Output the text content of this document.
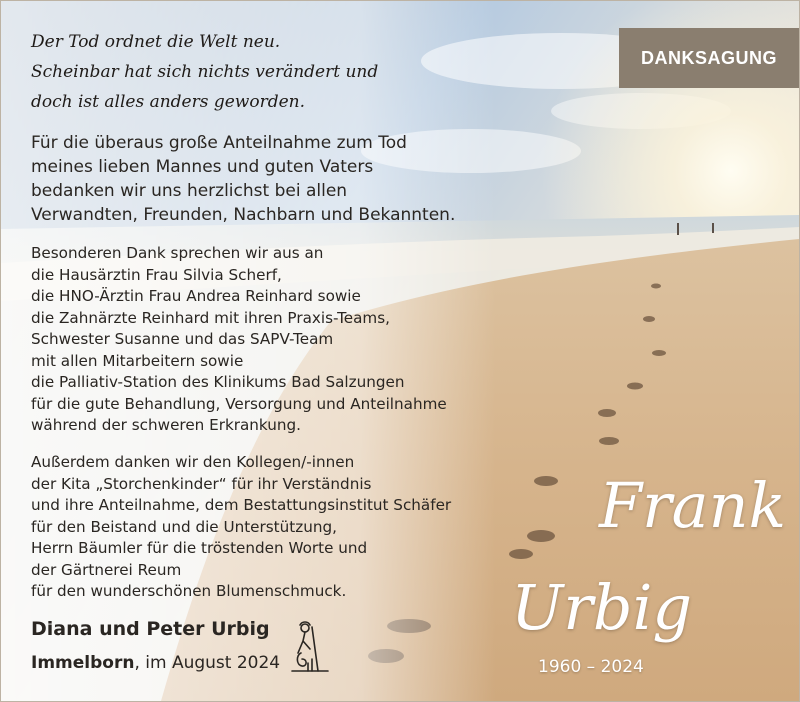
Der Tod ordnet die Welt neu.
Scheinbar hat sich nichts verändert und
doch ist alles anders geworden.
DANKSAGUNG
Für die überaus große Anteilnahme zum Tod
meines lieben Mannes und guten Vaters
bedanken wir uns herzlichst bei allen
Verwandten, Freunden, Nachbarn und Bekannten.
Besonderen Dank sprechen wir aus an
die Hausärztin Frau Silvia Scherf,
die HNO-Ärztin Frau Andrea Reinhard sowie
die Zahnärzte Reinhard mit ihren Praxis-Teams,
Schwester Susanne und das SAPV-Team
mit allen Mitarbeitern sowie
die Palliativ-Station des Klinikums Bad Salzungen
für die gute Behandlung, Versorgung und Anteilnahme
während der schweren Erkrankung.
Außerdem danken wir den Kollegen/-innen
der Kita „Storchenkinder“ für ihr Verständnis
und ihre Anteilnahme, dem Bestattungsinstitut Schäfer
für den Beistand und die Unterstützung,
Herrn Bäumler für die tröstenden Worte und
der Gärtnerei Reum
für den wunderschönen Blumenschmuck.
Diana und Peter Urbig
Immelborn, im August 2024
Frank
Urbig
1960 – 2024
